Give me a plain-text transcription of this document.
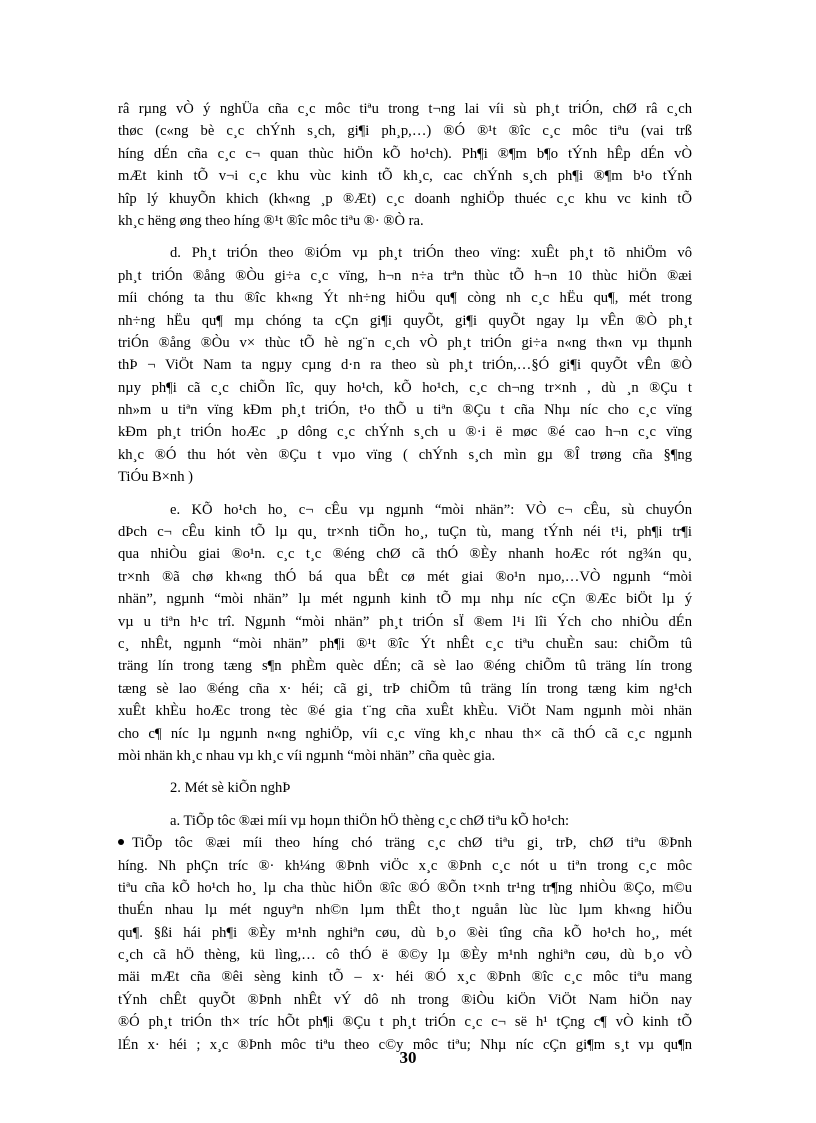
râ rµng vÒ ý nghÜa cña c¸c môc tiªu trong t¬ng lai víi sù ph¸t triÓn, chØ râ c¸ch
thøc (c«ng bè c¸c chÝnh s¸ch, gi¶i ph¸p,…) ®Ó ®¹t ®îc c¸c môc tiªu (vai trß
híng dÉn cña c¸c c¬ quan thùc hiÖn kÕ ho¹ch). Ph¶i ®¶m b¶o tÝnh hÊp dÉn vÒ
mÆt kinh tÕ v¬i c¸c khu vùc kinh tÕ kh¸c, cac chÝnh s¸ch ph¶i ®¶m b¹o tÝnh
hîp lý khuyÕn khich (kh«ng ¸p ®Æt) c¸c doanh nghiÖp thuéc c¸c khu vc kinh tÕ
kh¸c hëng øng theo híng ®¹t ®îc môc tiªu ®· ®Ò ra.
d. Ph¸t triÓn theo ®iÓm vµ ph¸t triÓn theo vïng: xuÊt ph¸t tõ nhiÖm vô
ph¸t triÓn ®ång ®Òu gi÷a c¸c vïng, h¬n n÷a trªn thùc tÕ h¬n 10 thùc hiÖn ®æi
míi chóng ta thu ®îc kh«ng Ýt nh÷ng hiÖu qu¶ còng nh c¸c hËu qu¶, mét trong
nh÷ng hËu qu¶ mµ chóng ta cÇn gi¶i quyÕt, gi¶i quyÕt ngay lµ vÊn ®Ò ph¸t
triÓn ®ång ®Òu v× thùc tÕ hè ng¨n c¸ch vÒ ph¸t triÓn gi÷a n«ng th«n vµ thµnh
thÞ ¬ ViÖt Nam ta ngµy cµng d·n ra theo sù ph¸t triÓn,…§Ó gi¶i quyÕt vÊn ®Ò
nµy ph¶i cã c¸c chiÕn lîc, quy ho¹ch, kÕ ho¹ch, c¸c ch¬ng tr×nh , dù ¸n ®Çu t
nh»m u tiªn vïng kÐm ph¸t triÓn, t¹o thÕ u tiªn ®Çu t cña Nhµ níc cho c¸c vïng
kÐm ph¸t triÓn hoÆc ¸p dông c¸c chÝnh s¸ch u ®·i ë møc ®é cao h¬n c¸c vïng
kh¸c ®Ó thu hót vèn ®Çu t vµo vïng ( chÝnh s¸ch mìn gµ ®Î trøng cña §¶ng
TiÓu B×nh )
e. KÕ ho¹ch ho¸ c¬ cÊu vµ ngµnh “mòi nhän”: VÒ c¬ cÊu, sù chuyÓn
dÞch c¬ cÊu kinh tÕ lµ qu¸ tr×nh tiÕn ho¸, tuÇn tù, mang tÝnh néi t¹i, ph¶i tr¶i
qua nhiÒu giai ®o¹n. c¸c t¸c ®éng chØ cã thÓ ®Èy nhanh hoÆc rót ng¾n qu¸
tr×nh ®ã chø kh«ng thÓ bá qua bÊt cø mét giai ®o¹n nµo,…VÒ ngµnh “mòi
nhän”, ngµnh “mòi nhän” lµ mét ngµnh kinh tÕ mµ nhµ níc cÇn ®Æc biÖt lµ ý
vµ u tiªn h¹c trî. Ngµnh “mòi nhän” ph¸t triÓn sÏ ®em l¹i lîi Ých cho nhiÒu dÉn
c¸ nhÊt, ngµnh “mòi nhän” ph¶i ®¹t ®îc Ýt nhÊt c¸c tiªu chuÈn sau: chiÕm tû
träng lín trong tæng s¶n phÈm quèc dÉn; cã sè lao ®éng chiÕm tû träng lín trong
tæng sè lao ®éng cña x· héi; cã gi¸ trÞ chiÕm tû träng lín trong tæng kim ng¹ch
xuÊt khÈu hoÆc trong tèc ®é gia t¨ng cña xuÊt khÈu. ViÖt Nam ngµnh mòi nhän
cho c¶ níc lµ ngµnh n«ng nghiÖp, víi c¸c vïng kh¸c nhau th× cã thÓ cã c¸c ngµnh
mòi nhän kh¸c nhau vµ kh¸c víi ngµnh “mòi nhän” cña quèc gia.
2. Mét sè kiÕn nghÞ
a. TiÕp tôc ®æi míi vµ hoµn thiÖn hÖ thèng c¸c chØ tiªu kÕ ho¹ch:
TiÕp tôc ®æi míi theo híng chó träng c¸c chØ tiªu gi¸ trÞ, chØ tiªu ®Þnh
híng. Nh phÇn tríc ®· kh¼ng ®Þnh viÖc x¸c ®Þnh c¸c nót u tiªn trong c¸c môc
tiªu cña kÕ ho¹ch ho¸ lµ cha thùc hiÖn ®îc ®Ó ®Õn t×nh tr¹ng tr¶ng nhiÒu ®Ço, m©u
thuÉn nhau lµ mét nguyªn nh©n lµm thÊt tho¸t nguån lùc lùc lµm kh«ng hiÖu
qu¶. §ßi hái ph¶i ®Èy m¹nh nghiªn cøu, dù b¸o ®èi tîng cña kÕ ho¹ch ho¸, mét
c¸ch cã hÖ thèng, kü lìng,… cô thÓ ë ®©y lµ ®Èy m¹nh nghiªn cøu, dù b¸o vÒ
mäi mÆt cña ®êi sèng kinh tÕ – x· héi ®Ó x¸c ®Þnh ®îc c¸c môc tiªu mang
tÝnh chÊt quyÕt ®Þnh nhÊt vÝ dô nh trong ®iÒu kiÖn ViÖt Nam hiÖn nay
®Ó ph¸t triÓn th× tríc hÕt ph¶i ®Çu t ph¸t triÓn c¸c c¬ së h¹ tÇng c¶ vÒ kinh tÕ
lÉn x· héi ; x¸c ®Þnh môc tiªu theo c©y môc tiªu; Nhµ níc cÇn gi¶m s¸t vµ qu¶n
30
